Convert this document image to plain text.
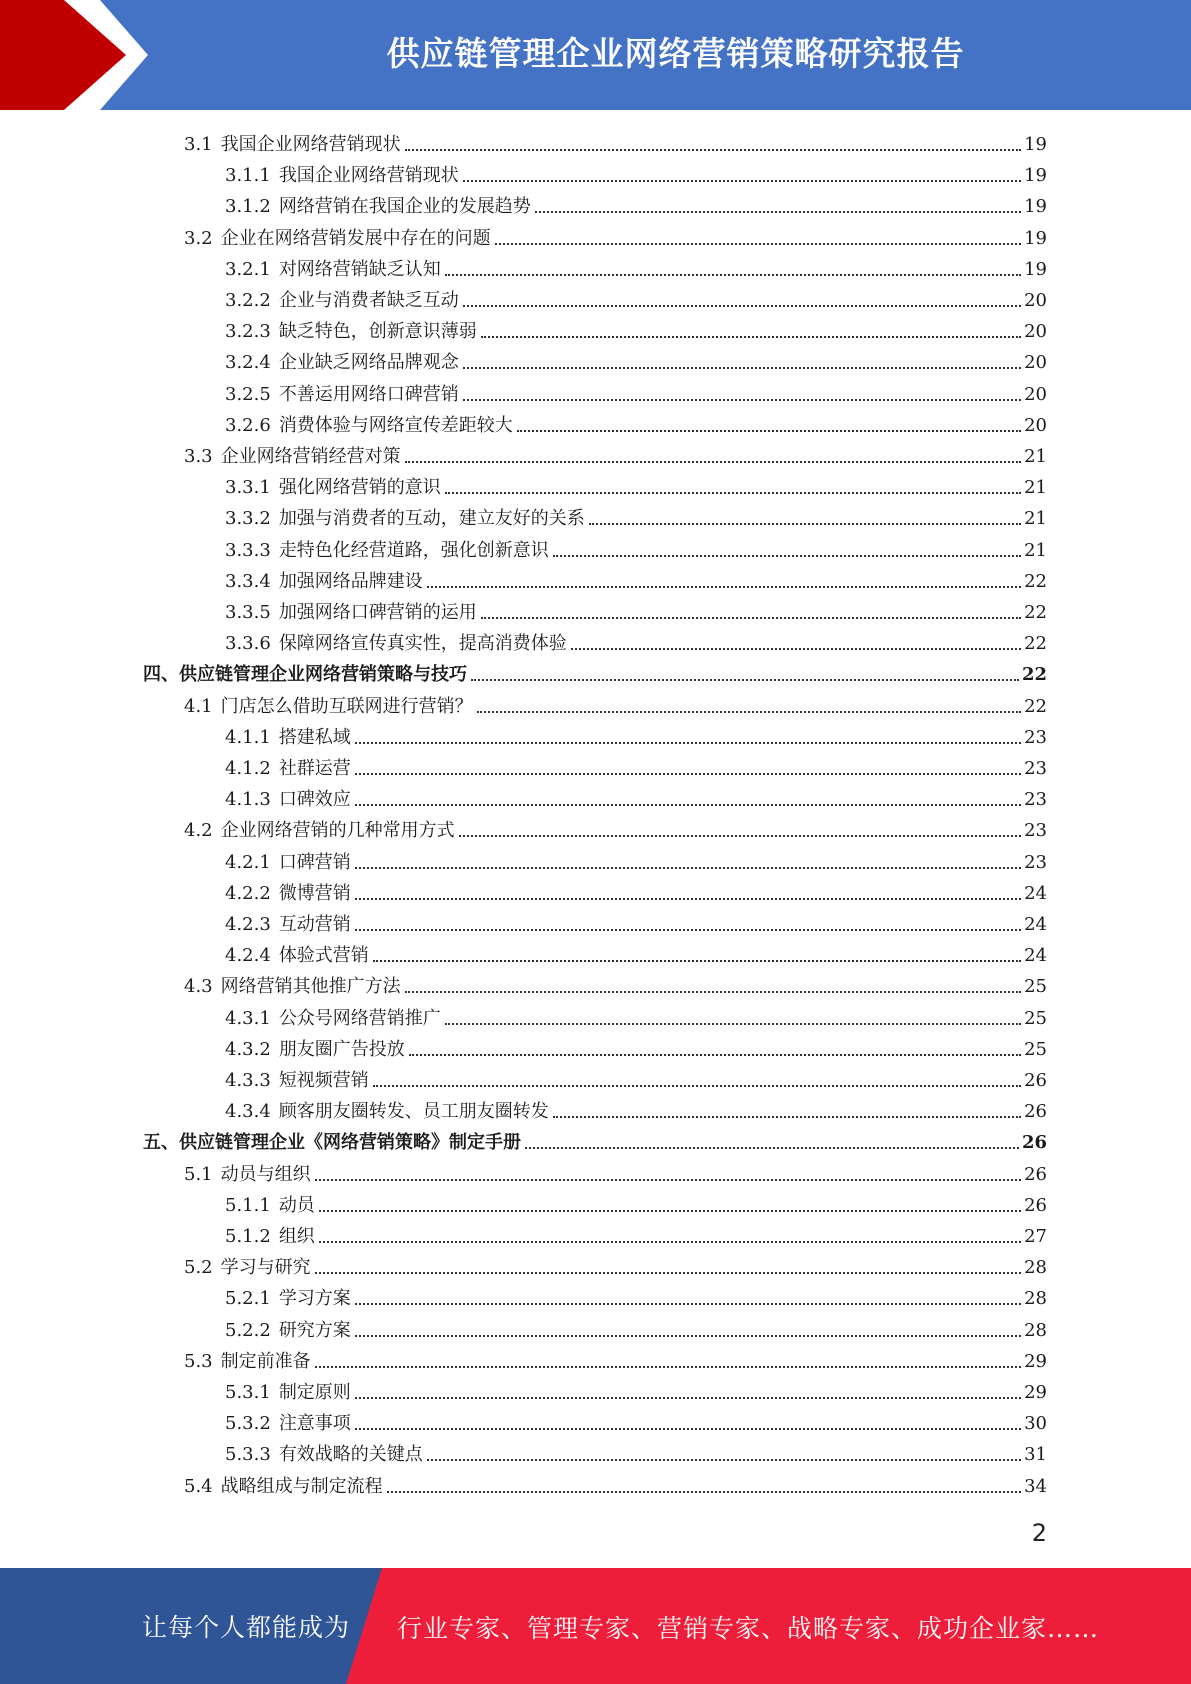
供应链管理企业网络营销策略研究报告
3.1 我国企业网络营销现状	19
3.1.1 我国企业网络营销现状	19
3.1.2 网络营销在我国企业的发展趋势	19
3.2 企业在网络营销发展中存在的问题	19
3.2.1 对网络营销缺乏认知	19
3.2.2 企业与消费者缺乏互动	20
3.2.3 缺乏特色，创新意识薄弱	20
3.2.4 企业缺乏网络品牌观念	20
3.2.5 不善运用网络口碑营销	20
3.2.6 消费体验与网络宣传差距较大	20
3.3 企业网络营销经营对策	21
3.3.1 强化网络营销的意识	21
3.3.2 加强与消费者的互动，建立友好的关系	21
3.3.3 走特色化经营道路，强化创新意识	21
3.3.4 加强网络品牌建设	22
3.3.5 加强网络口碑营销的运用	22
3.3.6 保障网络宣传真实性，提高消费体验	22
四、供应链管理企业网络营销策略与技巧	22
4.1 门店怎么借助互联网进行营销？	22
4.1.1 搭建私域	23
4.1.2 社群运营	23
4.1.3 口碑效应	23
4.2 企业网络营销的几种常用方式	23
4.2.1 口碑营销	23
4.2.2 微博营销	24
4.2.3 互动营销	24
4.2.4 体验式营销	24
4.3 网络营销其他推广方法	25
4.3.1 公众号网络营销推广	25
4.3.2 朋友圈广告投放	25
4.3.3 短视频营销	26
4.3.4 顾客朋友圈转发、员工朋友圈转发	26
五、供应链管理企业《网络营销策略》制定手册	26
5.1 动员与组织	26
5.1.1 动员	26
5.1.2 组织	27
5.2 学习与研究	28
5.2.1 学习方案	28
5.2.2 研究方案	28
5.3 制定前准备	29
5.3.1 制定原则	29
5.3.2 注意事项	30
5.3.3 有效战略的关键点	31
5.4 战略组成与制定流程	34
2
让每个人都能成为 行业专家、管理专家、营销专家、战略专家、成功企业家……
